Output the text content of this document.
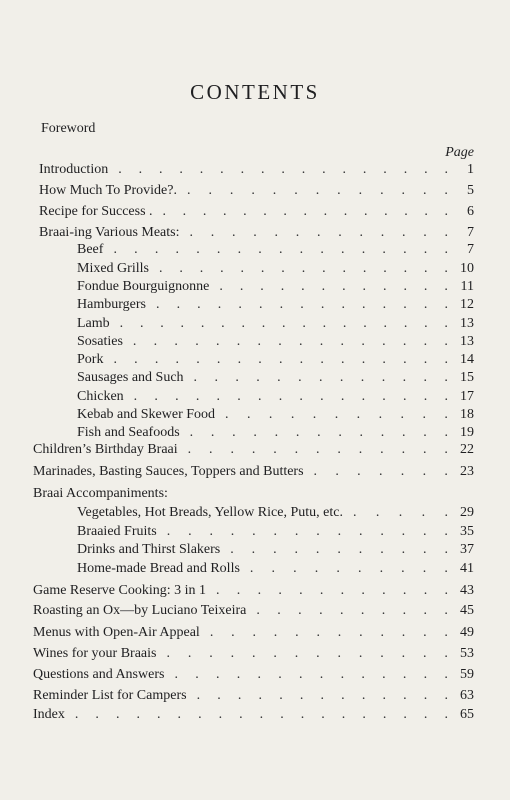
CONTENTS
Foreword
Page
Introduction . . . . . . . . . . . . . . . . .	1
How Much To Provide?. . . . . . . . . . . . . .	5
Recipe for Success . . . . . . . . . . . . . . . .	6
Braai-ing Various Meats: . . . . . . . . . . . . .	7
Beef . . . . . . . . . . . . . . . . .	7
Mixed Grills . . . . . . . . . . . . . . . 10
Fondue Bourguignonne . . . . . . . . . . . . 11
Hamburgers . . . . . . . . . . . . . . . 12
Lamb . . . . . . . . . . . . . . . . . 13
Sosaties . . . . . . . . . . . . . . . . 13
Pork . . . . . . . . . . . . . . . . . 14
Sausages and Such . . . . . . . . . . . . . 15
Chicken . . . . . . . . . . . . . . . . 17
Kebab and Skewer Food . . . . . . . . . . . 18
Fish and Seafoods . . . . . . . . . . . . . 19
Children’s Birthday Braai . . . . . . . . . . . . . 22
Marinades, Basting Sauces, Toppers and Butters . . . . . . . 23
Braai Accompaniments:
Vegetables, Hot Breads, Yellow Rice, Putu, etc. . . . . . 29
Braaied Fruits . . . . . . . . . . . . . . 35
Drinks and Thirst Slakers . . . . . . . . . . . 37
Home-made Bread and Rolls . . . . . . . . . . 41
Game Reserve Cooking: 3 in 1 . . . . . . . . . . . . 43
Roasting an Ox—by Luciano Teixeira . . . . . . . . . . 45
Menus with Open-Air Appeal . . . . . . . . . . . . 49
Wines for your Braais . . . . . . . . . . . . . . 53
Questions and Answers . . . . . . . . . . . . . . 59
Reminder List for Campers . . . . . . . . . . . . . 63
Index . . . . . . . . . . . . . . . . . . . 65
